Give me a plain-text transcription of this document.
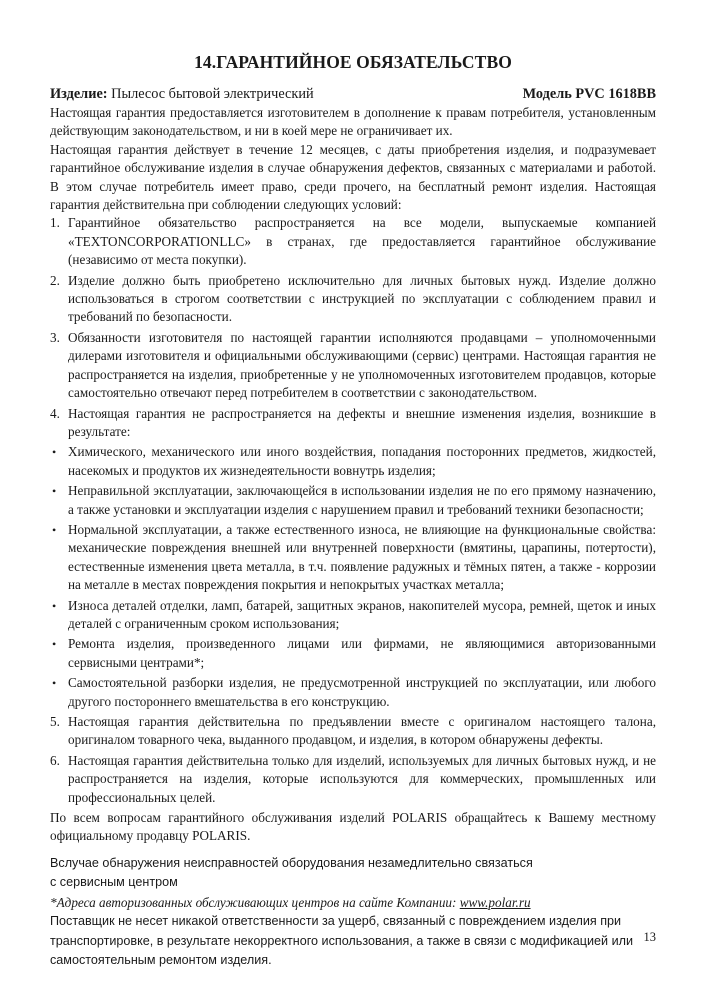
14.ГАРАНТИЙНОЕ ОБЯЗАТЕЛЬСТВО
Изделие: Пылесос бытовой электрический	Модель PVC 1618BB

Настоящая гарантия предоставляется изготовителем в дополнение к правам потребителя, установленным действующим законодательством, и ни в коей мере не ограничивает их.

Настоящая гарантия действует в течение 12 месяцев, с даты приобретения изделия, и подразумевает гарантийное обслуживание изделия в случае обнаружения дефектов, связанных с материалами и работой. В этом случае потребитель имеет право, среди прочего, на бесплатный ремонт изделия. Настоящая гарантия действительна при соблюдении следующих условий:

1. Гарантийное обязательство распространяется на все модели, выпускаемые компанией «TEXTONCORPORATIONLLC» в странах, где предоставляется гарантийное обслуживание (независимо от места покупки).
2. Изделие должно быть приобретено исключительно для личных бытовых нужд. Изделие должно использоваться в строгом соответствии с инструкцией по эксплуатации с соблюдением правил и требований по безопасности.
3. Обязанности изготовителя по настоящей гарантии исполняются продавцами – уполномоченными дилерами изготовителя и официальными обслуживающими (сервис) центрами. Настоящая гарантия не распространяется на изделия, приобретенные у не уполномоченных изготовителем продавцов, которые самостоятельно отвечают перед потребителем в соответствии с законодательством.
4. Настоящая гарантия не распространяется на дефекты и внешние изменения изделия, возникшие в результате:
• Химического, механического или иного воздействия, попадания посторонних предметов, жидкостей, насекомых и продуктов их жизнедеятельности вовнутрь изделия;
• Неправильной эксплуатации, заключающейся в использовании изделия не по его прямому назначению, а также установки и эксплуатации изделия с нарушением правил и требований техники безопасности;
• Нормальной эксплуатации, а также естественного износа, не влияющие на функциональные свойства: механические повреждения внешней или внутренней поверхности (вмятины, царапины, потертости), естественные изменения цвета металла, в т.ч. появление радужных и тёмных пятен, а также - коррозии на металле в местах повреждения покрытия и непокрытых участках металла;
• Износа деталей отделки, ламп, батарей, защитных экранов, накопителей мусора, ремней, щеток и иных деталей с ограниченным сроком использования;
• Ремонта изделия, произведенного лицами или фирмами, не являющимися авторизованными сервисными центрами*;
• Самостоятельной разборки изделия, не предусмотренной инструкцией по эксплуатации, или любого другого постороннего вмешательства в его конструкцию.
5. Настоящая гарантия действительна по предъявлении вместе с оригиналом настоящего талона, оригиналом товарного чека, выданного продавцом, и изделия, в котором обнаружены дефекты.
6. Настоящая гарантия действительна только для изделий, используемых для личных бытовых нужд, и не распространяется на изделия, которые используются для коммерческих, промышленных или профессиональных целей.

По всем вопросам гарантийного обслуживания изделий POLARIS обращайтесь к Вашему местному официальному продавцу POLARIS.

Вслучае обнаружения неисправностей оборудования незамедлительно связаться

с сервисным центром

*Адреса авторизованных обслуживающих центров на сайте Компании: www.polar.ru

Поставщик не несет никакой ответственности за ущерб, связанный с повреждением изделия при

транспортировке, в результате некорректного использования, а также в связи с модификацией или

самостоятельным ремонтом изделия.

13
